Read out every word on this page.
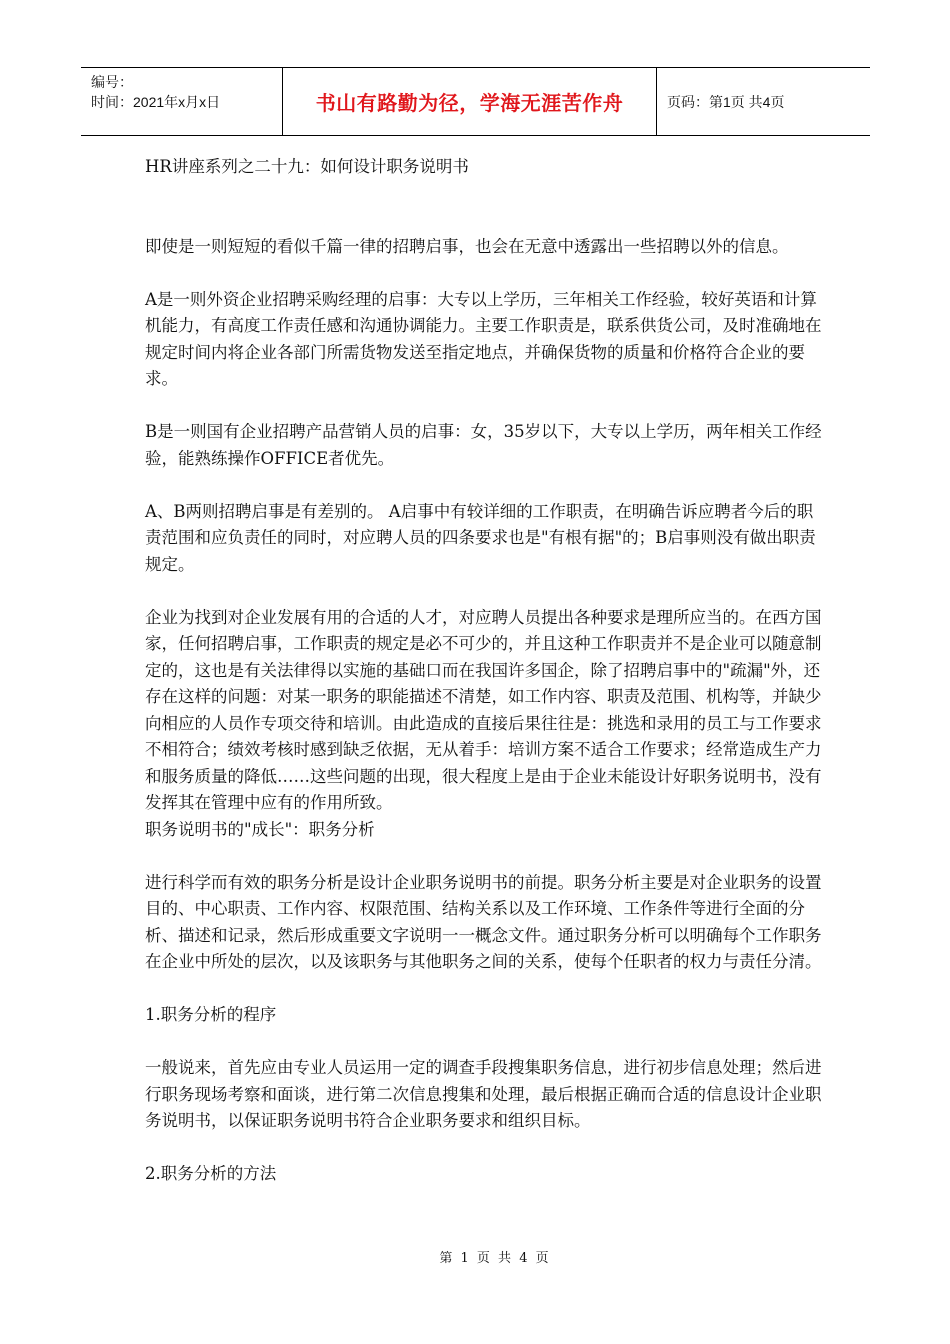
编号：
时间：2021年x月x日	书山有路勤为径，学海无涯苦作舟	页码：第1页 共4页

HR讲座系列之二十九：如何设计职务说明书

即使是一则短短的看似千篇一律的招聘启事，也会在无意中透露出一些招聘以外的信息。

A是一则外资企业招聘采购经理的启事：大专以上学历，三年相关工作经验，较好英语和计算机能力，有高度工作责任感和沟通协调能力。主要工作职责是，联系供货公司，及时准确地在规定时间内将企业各部门所需货物发送至指定地点，并确保货物的质量和价格符合企业的要求。

B是一则国有企业招聘产品营销人员的启事：女，35岁以下，大专以上学历，两年相关工作经验，能熟练操作OFFICE者优先。

A、B两则招聘启事是有差别的。 A启事中有较详细的工作职责，在明确告诉应聘者今后的职责范围和应负责任的同时，对应聘人员的四条要求也是"有根有据"的；B启事则没有做出职责规定。

企业为找到对企业发展有用的合适的人才，对应聘人员提出各种要求是理所应当的。在西方国家，任何招聘启事，工作职责的规定是必不可少的，并且这种工作职责并不是企业可以随意制定的，这也是有关法律得以实施的基础口而在我国许多国企，除了招聘启事中的"疏漏"外，还存在这样的问题：对某一职务的职能描述不清楚，如工作内容、职责及范围、机构等，并缺少向相应的人员作专项交待和培训。由此造成的直接后果往往是：挑选和录用的员工与工作要求不相符合；绩效考核时感到缺乏依据，无从着手：培训方案不适合工作要求；经常造成生产力和服务质量的降低……这些问题的出现，很大程度上是由于企业未能设计好职务说明书，没有发挥其在管理中应有的作用所致。

职务说明书的"成长"：职务分析

进行科学而有效的职务分析是设计企业职务说明书的前提。职务分析主要是对企业职务的设置目的、中心职责、工作内容、权限范围、结构关系以及工作环境、工作条件等进行全面的分析、描述和记录，然后形成重要文字说明一一概念文件。通过职务分析可以明确每个工作职务在企业中所处的层次，以及该职务与其他职务之间的关系，使每个任职者的权力与责任分清。

1.职务分析的程序

一般说来，首先应由专业人员运用一定的调查手段搜集职务信息，进行初步信息处理；然后进行职务现场考察和面谈，进行第二次信息搜集和处理，最后根据正确而合适的信息设计企业职务说明书，以保证职务说明书符合企业职务要求和组织目标。

2.职务分析的方法

第 1 页 共 4 页
